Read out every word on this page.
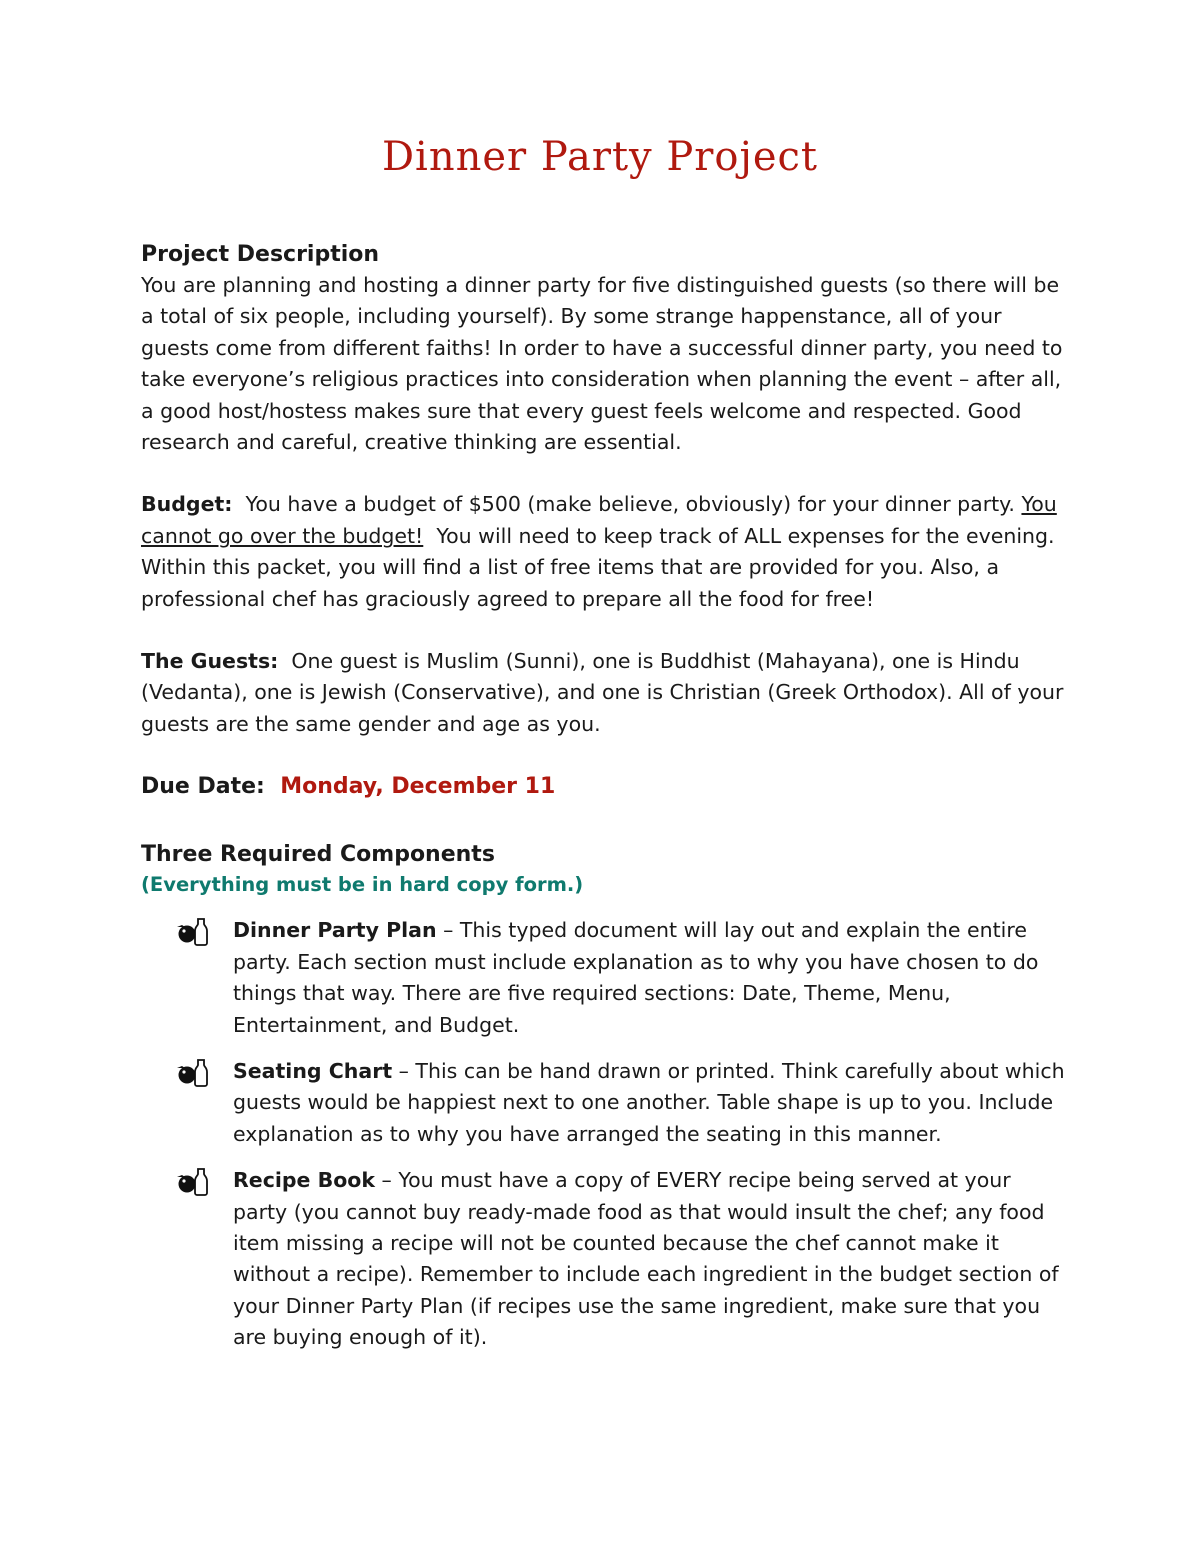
Dinner Party Project

Project Description

You are planning and hosting a dinner party for five distinguished guests (so there will be a total of six people, including yourself). By some strange happenstance, all of your guests come from different faiths! In order to have a successful dinner party, you need to take everyone’s religious practices into consideration when planning the event – after all, a good host/hostess makes sure that every guest feels welcome and respected. Good research and careful, creative thinking are essential.

Budget: You have a budget of $500 (make believe, obviously) for your dinner party. You cannot go over the budget! You will need to keep track of ALL expenses for the evening. Within this packet, you will find a list of free items that are provided for you. Also, a professional chef has graciously agreed to prepare all the food for free!

The Guests: One guest is Muslim (Sunni), one is Buddhist (Mahayana), one is Hindu (Vedanta), one is Jewish (Conservative), and one is Christian (Greek Orthodox). All of your guests are the same gender and age as you.

Due Date: Monday, December 11

Three Required Components

(Everything must be in hard copy form.)

Dinner Party Plan – This typed document will lay out and explain the entire party. Each section must include explanation as to why you have chosen to do things that way. There are five required sections: Date, Theme, Menu, Entertainment, and Budget.
Seating Chart – This can be hand drawn or printed. Think carefully about which guests would be happiest next to one another. Table shape is up to you. Include explanation as to why you have arranged the seating in this manner.
Recipe Book – You must have a copy of EVERY recipe being served at your party (you cannot buy ready-made food as that would insult the chef; any food item missing a recipe will not be counted because the chef cannot make it without a recipe). Remember to include each ingredient in the budget section of your Dinner Party Plan (if recipes use the same ingredient, make sure that you are buying enough of it).
